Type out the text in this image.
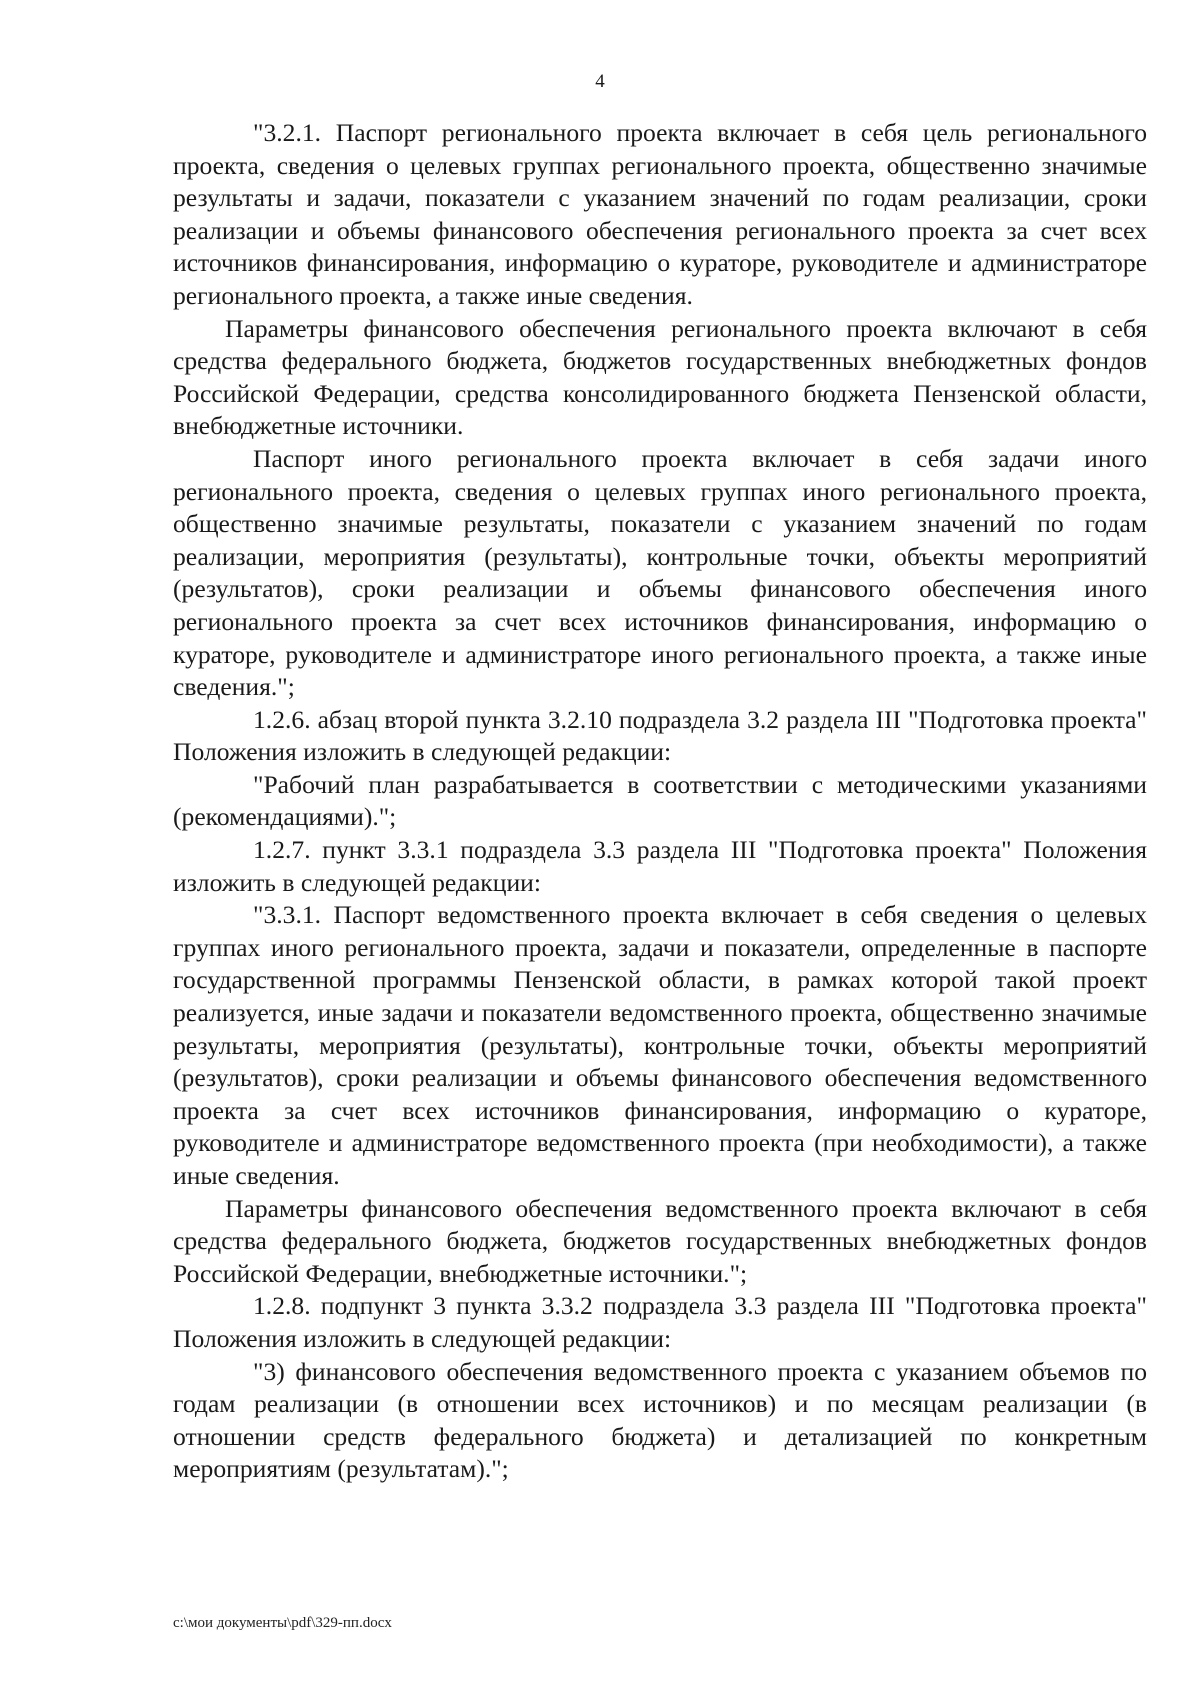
4

"3.2.1. Паспорт регионального проекта включает в себя цель регионального проекта, сведения о целевых группах регионального проекта, общественно значимые результаты и задачи, показатели с указанием значений по годам реализации, сроки реализации и объемы финансового обеспечения регионального проекта за счет всех источников финансирования, информацию о кураторе, руководителе и администраторе регионального проекта, а также иные сведения.

Параметры финансового обеспечения регионального проекта включают в себя средства федерального бюджета, бюджетов государственных внебюджетных фондов Российской Федерации, средства консолидированного бюджета Пензенской области, внебюджетные источники.

Паспорт иного регионального проекта включает в себя задачи иного регионального проекта, сведения о целевых группах иного регионального проекта, общественно значимые результаты, показатели с указанием значений по годам реализации, мероприятия (результаты), контрольные точки, объекты мероприятий (результатов), сроки реализации и объемы финансового обеспечения иного регионального проекта за счет всех источников финансирования, информацию о кураторе, руководителе и администраторе иного регионального проекта, а также иные сведения.";

1.2.6. абзац второй пункта 3.2.10 подраздела 3.2 раздела III "Подготовка проекта" Положения изложить в следующей редакции:

"Рабочий план разрабатывается в соответствии с методическими указаниями (рекомендациями).";

1.2.7. пункт 3.3.1 подраздела 3.3 раздела III "Подготовка проекта" Положения изложить в следующей редакции:

"3.3.1. Паспорт ведомственного проекта включает в себя сведения о целевых группах иного регионального проекта, задачи и показатели, определенные в паспорте государственной программы Пензенской области, в рамках которой такой проект реализуется, иные задачи и показатели ведомственного проекта, общественно значимые результаты, мероприятия (результаты), контрольные точки, объекты мероприятий (результатов), сроки реализации и объемы финансового обеспечения ведомственного проекта за счет всех источников финансирования, информацию о кураторе, руководителе и администраторе ведомственного проекта (при необходимости), а также иные сведения.

Параметры финансового обеспечения ведомственного проекта включают в себя средства федерального бюджета, бюджетов государственных внебюджетных фондов Российской Федерации, внебюджетные источники.";

1.2.8. подпункт 3 пункта 3.3.2 подраздела 3.3 раздела III "Подготовка проекта" Положения изложить в следующей редакции:

"3) финансового обеспечения ведомственного проекта с указанием объемов по годам реализации (в отношении всех источников) и по месяцам реализации (в отношении средств федерального бюджета) и детализацией по конкретным мероприятиям (результатам).";

c:\мои документы\pdf\329-пп.docx
